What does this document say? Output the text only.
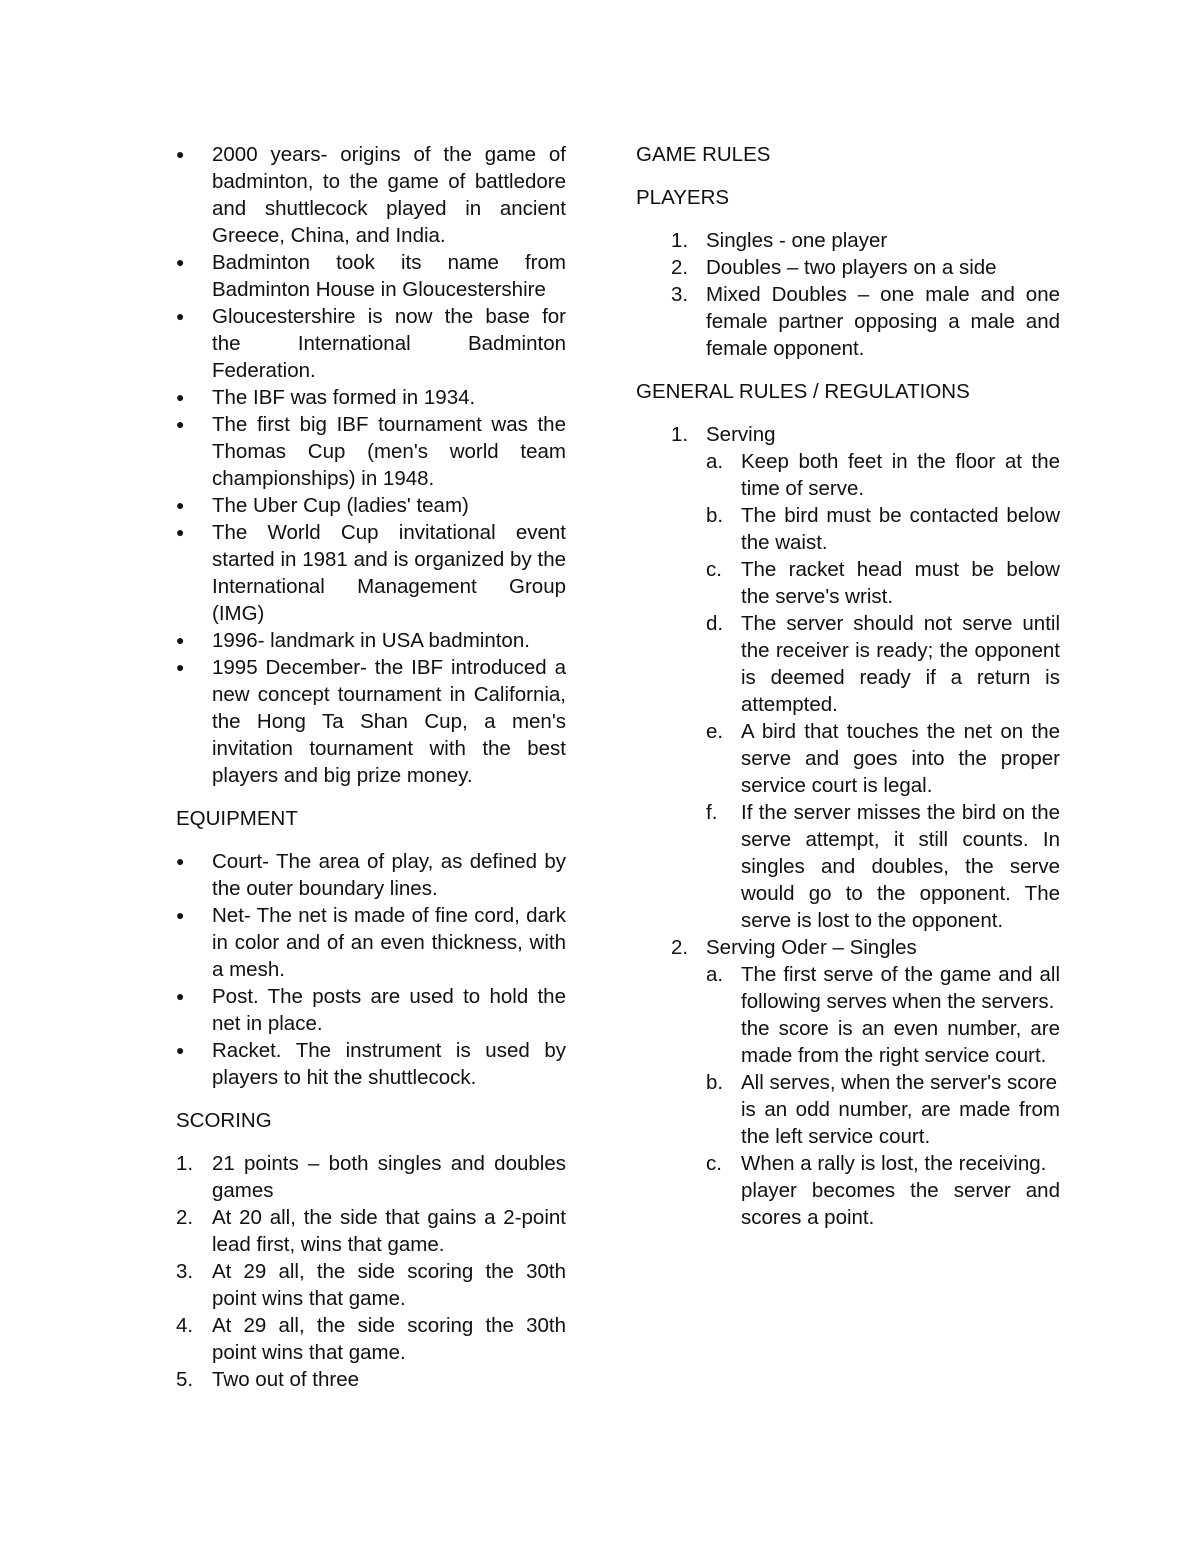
●	2000 years- origins of the game of badminton, to the game of battledore and shuttlecock played in ancient Greece, China, and India.
●	Badminton took its name from Badminton House in Gloucestershire
●	Gloucestershire is now the base for the International Badminton Federation.
●	The IBF was formed in 1934.
●	The first big IBF tournament was the Thomas Cup (men's world team championships) in 1948.
●	The Uber Cup (ladies' team)
●	The World Cup invitational event started in 1981 and is organized by the International Management Group (IMG)
●	1996- landmark in USA badminton.
●	1995 December- the IBF introduced a new concept tournament in California, the Hong Ta Shan Cup, a men's invitation tournament with the best players and big prize money.
EQUIPMENT
●	Court- The area of play, as defined by the outer boundary lines.
●	Net- The net is made of fine cord, dark in color and of an even thickness, with a mesh.
●	Post. The posts are used to hold the net in place.
●	Racket. The instrument is used by players to hit the shuttlecock.
SCORING
1. 21 points – both singles and doubles games
2. At 20 all, the side that gains a 2-point lead first, wins that game.
3. At 29 all, the side scoring the 30th point wins that game.
4. At 29 all, the side scoring the 30th point wins that game.
5. Two out of three
GAME RULES
PLAYERS
1. Singles - one player
2. Doubles – two players on a side
3. Mixed Doubles – one male and one female partner opposing a male and female opponent.
GENERAL RULES / REGULATIONS
1. Serving
a. Keep both feet in the floor at the time of serve.
b. The bird must be contacted below the waist.
c. The racket head must be below the serve's wrist.
d. The server should not serve until the receiver is ready; the opponent is deemed ready if a return is attempted.
e. A bird that touches the net on the serve and goes into the proper service court is legal.
f.	If the server misses the bird on the serve attempt, it still counts. In singles and doubles, the serve would go to the opponent. The serve is lost to the opponent.
2. Serving Oder – Singles
a. The first serve of the game and all following serves when the servers.
the score is an even number, are made from the right service court.
b. All serves, when the server's score
is an odd number, are made from the left service court.
c. When a rally is lost, the receiving.
player becomes the server and scores a point.
